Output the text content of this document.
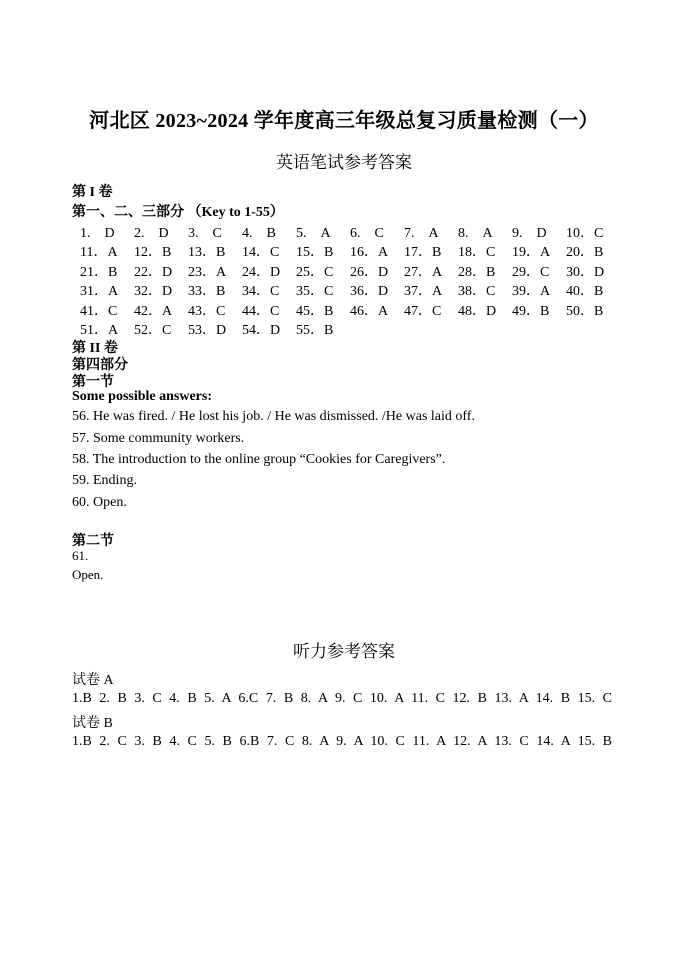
河北区 2023~2024 学年度高三年级总复习质量检测（一）
英语笔试参考答案
第 I 卷
第一、二、三部分 （Key to 1-55）
1.　D 2.　D 3.　C 4.　B 5.　A 6.　C 7.　A 8.　A 9.　D 10．C
11．A 12．B 13．B 14．C 15．B 16．A 17．B 18．C 19．A 20．B
21．B 22．D 23．A 24．D 25．C 26．D 27．A 28．B 29．C 30．D
31．A 32．D 33．B 34．C 35．C 36．D 37．A 38．C 39．A 40．B
41．C 42．A 43．C 44．C 45．B 46．A 47．C 48．D 49．B 50．B
51．A 52．C 53．D 54．D 55．B
第 II 卷
第四部分
第一节
Some possible answers:
56. He was fired. / He lost his job. / He was dismissed. /He was laid off.
57. Some community workers.
58. The introduction to the online group “Cookies for Caregivers”.
59. Ending.
60. Open.
第二节
61.
Open.
听力参考答案
试卷 A
1.B 2. B 3. C 4. B 5. A 6.C 7. B 8. A 9. C 10. A 11. C 12. B 13. A 14. B 15. C
试卷 B
1.B 2. C 3. B 4. C 5. B 6.B 7. C 8. A 9. A 10. C 11. A 12. A 13. C 14. A 15. B
